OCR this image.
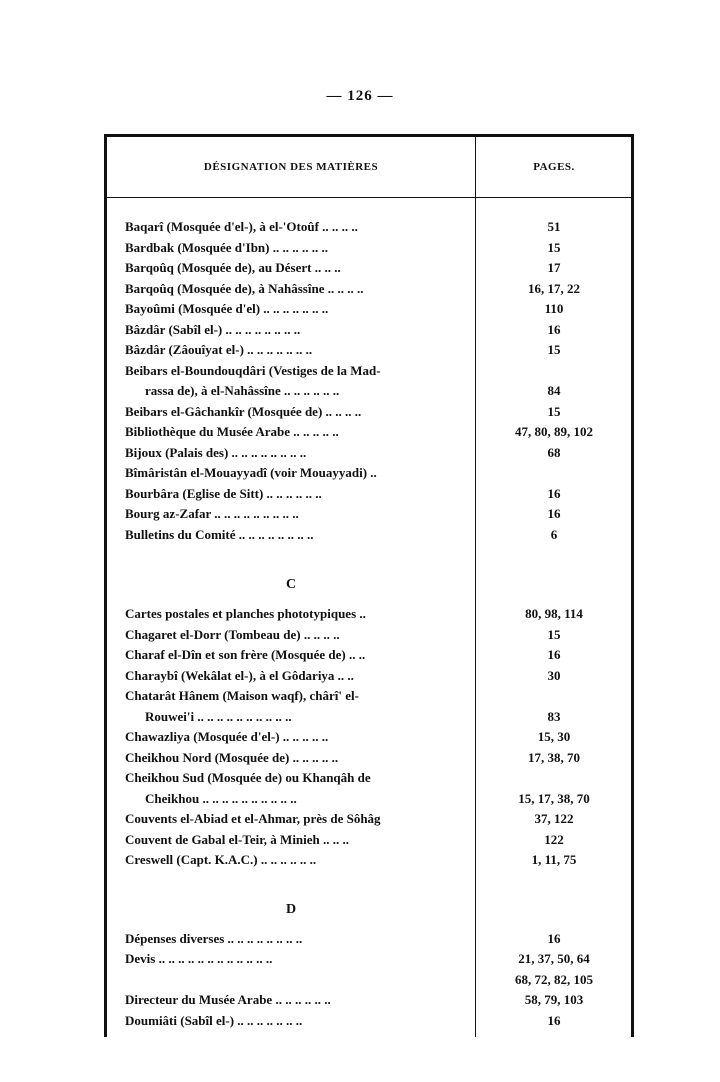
— 126 —
DÉSIGNATION DES MATIÈRES	PAGES.
Baqarî (Mosquée d'el-), à el-'Otoûf .. .. .. ..	51
Bardbak (Mosquée d'Ibn) .. .. .. .. .. ..	15
Barqoûq (Mosquée de), au Désert .. .. ..	17
Barqoûq (Mosquée de), à Nahâssîne .. .. .. ..	16, 17, 22
Bayoûmi (Mosquée d'el) .. .. .. .. .. .. ..	110
Bâzdâr (Sabîl el-) .. .. .. .. .. .. .. ..	16
Bâzdâr (Zâouîyat el-) .. .. .. .. .. .. ..	15
Beibars el-Boundouqdâri (Vestiges de la Mad-
rassa de), à el-Nahâssîne .. .. .. .. .. ..	84
Beibars el-Gâchankîr (Mosquée de) .. .. .. ..	15
Bibliothèque du Musée Arabe .. .. .. .. ..	47, 80, 89, 102
Bijoux (Palais des) .. .. .. .. .. .. .. ..	68
Bîmâristân el-Mouayyadî (voir Mouayyadi) ..
Bourbâra (Eglise de Sitt) .. .. .. .. .. ..	16
Bourg az-Zafar .. .. .. .. .. .. .. .. ..	16
Bulletins du Comité .. .. .. .. .. .. .. ..	6
C
Cartes postales et planches phototypiques ..	80, 98, 114
Chagaret el-Dorr (Tombeau de) .. .. .. ..	15
Charaf el-Dîn et son frère (Mosquée de) .. ..	16
Charaybî (Wekâlat el-), à el Gôdariya .. ..	30
Chatarât Hânem (Maison waqf), chârî' el-
Rouwei'i .. .. .. .. .. .. .. .. .. ..	83
Chawazliya (Mosquée d'el-) .. .. .. .. ..	15, 30
Cheikhou Nord (Mosquée de) .. .. .. .. ..	17, 38, 70
Cheikhou Sud (Mosquée de) ou Khanqâh de
Cheikhou .. .. .. .. .. .. .. .. .. ..	15, 17, 38, 70
Couvents el-Abiad et el-Ahmar, près de Sôhâg	37, 122
Couvent de Gabal el-Teir, à Minieh .. .. ..	122
Creswell (Capt. K.A.C.) .. .. .. .. .. ..	1, 11, 75
D
Dépenses diverses .. .. .. .. .. .. .. ..	16
Devis .. .. .. .. .. .. .. .. .. .. .. ..	21, 37, 50, 64
68, 72, 82, 105
Directeur du Musée Arabe .. .. .. .. .. ..	58, 79, 103
Doumiâti (Sabîl el-) .. .. .. .. .. .. ..	16
